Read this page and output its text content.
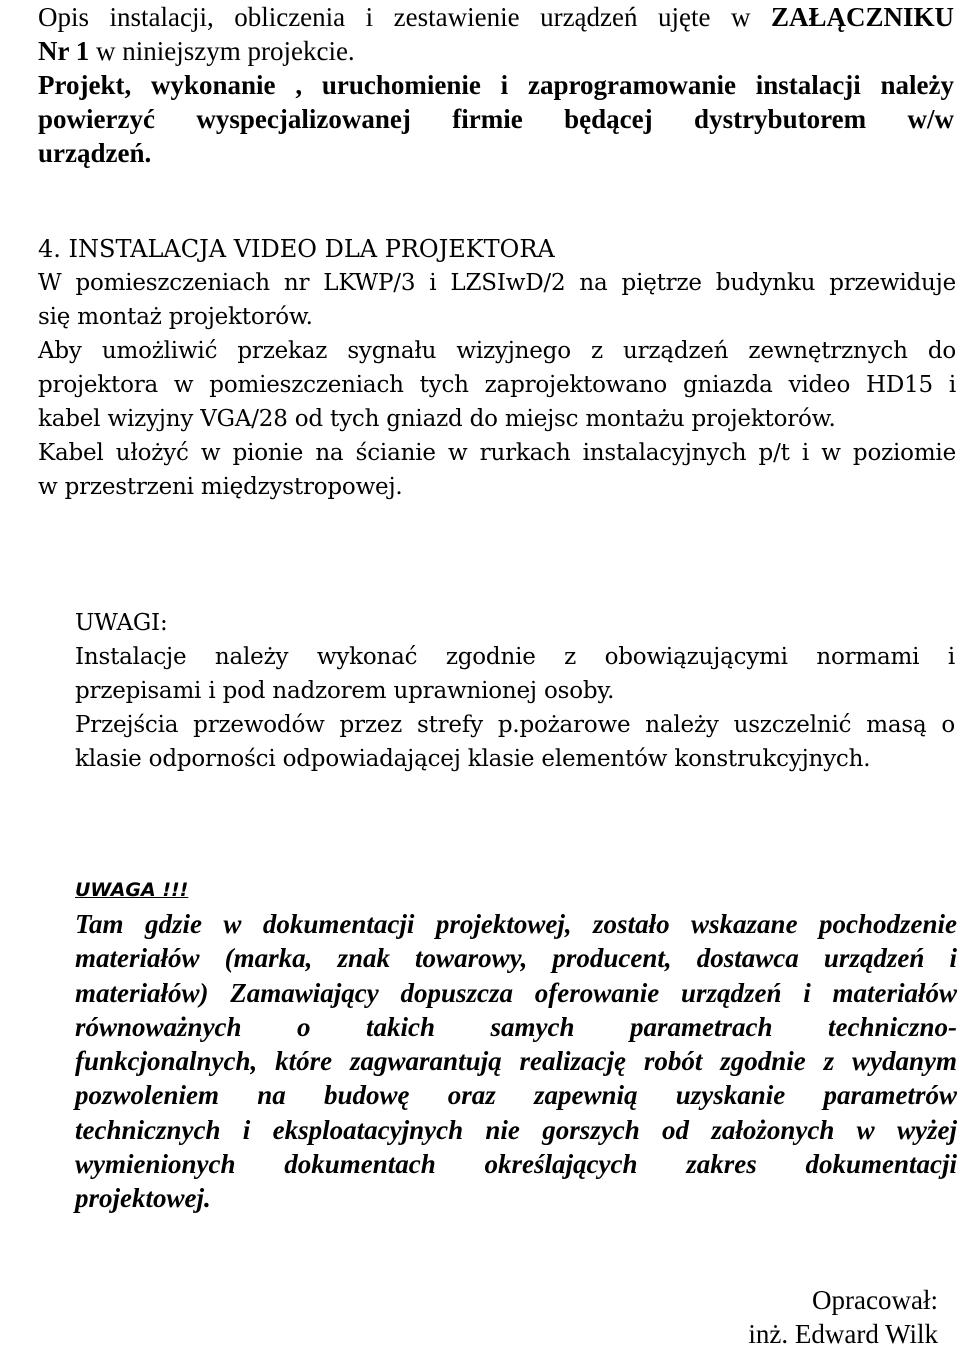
Opis instalacji, obliczenia i zestawienie urządzeń ujęte w ZAŁĄCZNIKU
Nr 1 w niniejszym projekcie.
Projekt, wykonanie , uruchomienie i zaprogramowanie instalacji należy
powierzyć wyspecjalizowanej firmie będącej dystrybutorem w/w
urządzeń.
4. INSTALACJA VIDEO DLA PROJEKTORA
W pomieszczeniach nr LKWP/3 i LZSIwD/2 na piętrze budynku przewiduje
się montaż projektorów.
Aby umożliwić przekaz sygnału wizyjnego z urządzeń zewnętrznych do
projektora w pomieszczeniach tych zaprojektowano gniazda video HD15 i
kabel wizyjny VGA/28 od tych gniazd do miejsc montażu projektorów.
Kabel ułożyć w pionie na ścianie w rurkach instalacyjnych p/t i w poziomie
w przestrzeni międzystropowej.
UWAGI:
Instalacje należy wykonać zgodnie z obowiązującymi normami i
przepisami i pod nadzorem uprawnionej osoby.
Przejścia przewodów przez strefy p.pożarowe należy uszczelnić masą o
klasie odporności odpowiadającej klasie elementów konstrukcyjnych.
UWAGA !!!
Tam gdzie w dokumentacji projektowej, zostało wskazane pochodzenie
materiałów (marka, znak towarowy, producent, dostawca urządzeń i
materiałów) Zamawiający dopuszcza oferowanie urządzeń i materiałów
równoważnych o takich samych parametrach techniczno-
funkcjonalnych, które zagwarantują realizację robót zgodnie z wydanym
pozwoleniem na budowę oraz zapewnią uzyskanie parametrów
technicznych i eksploatacyjnych nie gorszych od założonych w wyżej
wymienionych dokumentach określających zakres dokumentacji
projektowej.
Opracował:
inż. Edward Wilk
